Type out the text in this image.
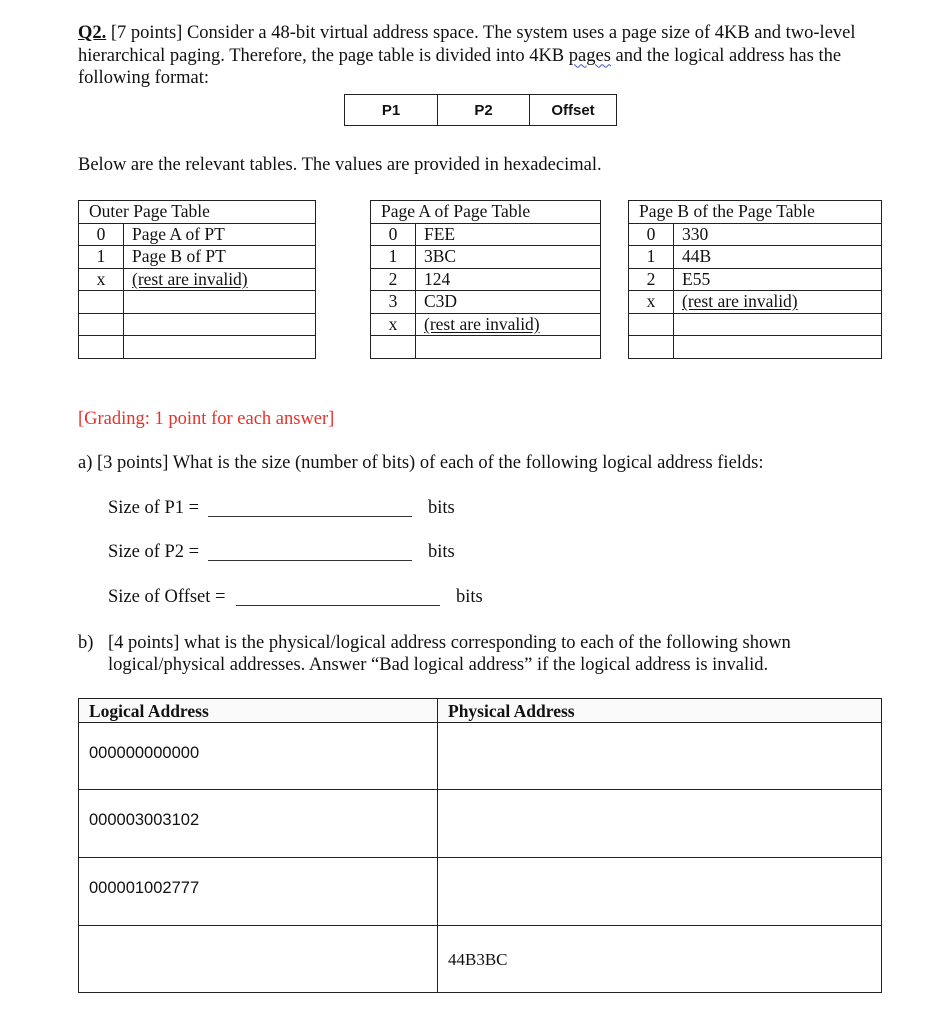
Q2. [7 points] Consider a 48-bit virtual address space. The system uses a page size of 4KB and two-level hierarchical paging. Therefore, the page table is divided into 4KB pages and the logical address has the following format:
P1	P2	Offset
Below are the relevant tables. The values are provided in hexadecimal.
Outer Page Table	
0	Page A of PT
1	Page B of PT
x	(rest are invalid)

Page A of Page Table	
0	FEE
1	3BC
2	124
3	C3D
x	(rest are invalid)

Page B of the Page Table	
0	330
1	44B
2	E55
x	(rest are invalid)

[Grading: 1 point for each answer]
a) [3 points] What is the size (number of bits) of each of the following logical address fields:
Size of P1 =	bits
Size of P2 =	bits
Size of Offset =	bits
b) [4 points] what is the physical/logical address corresponding to each of the following shown
logical/physical addresses. Answer “Bad logical address” if the logical address is invalid.
Logical Address	Physical Address
000000000000	
000003003102	
000001002777	
	44B3BC
